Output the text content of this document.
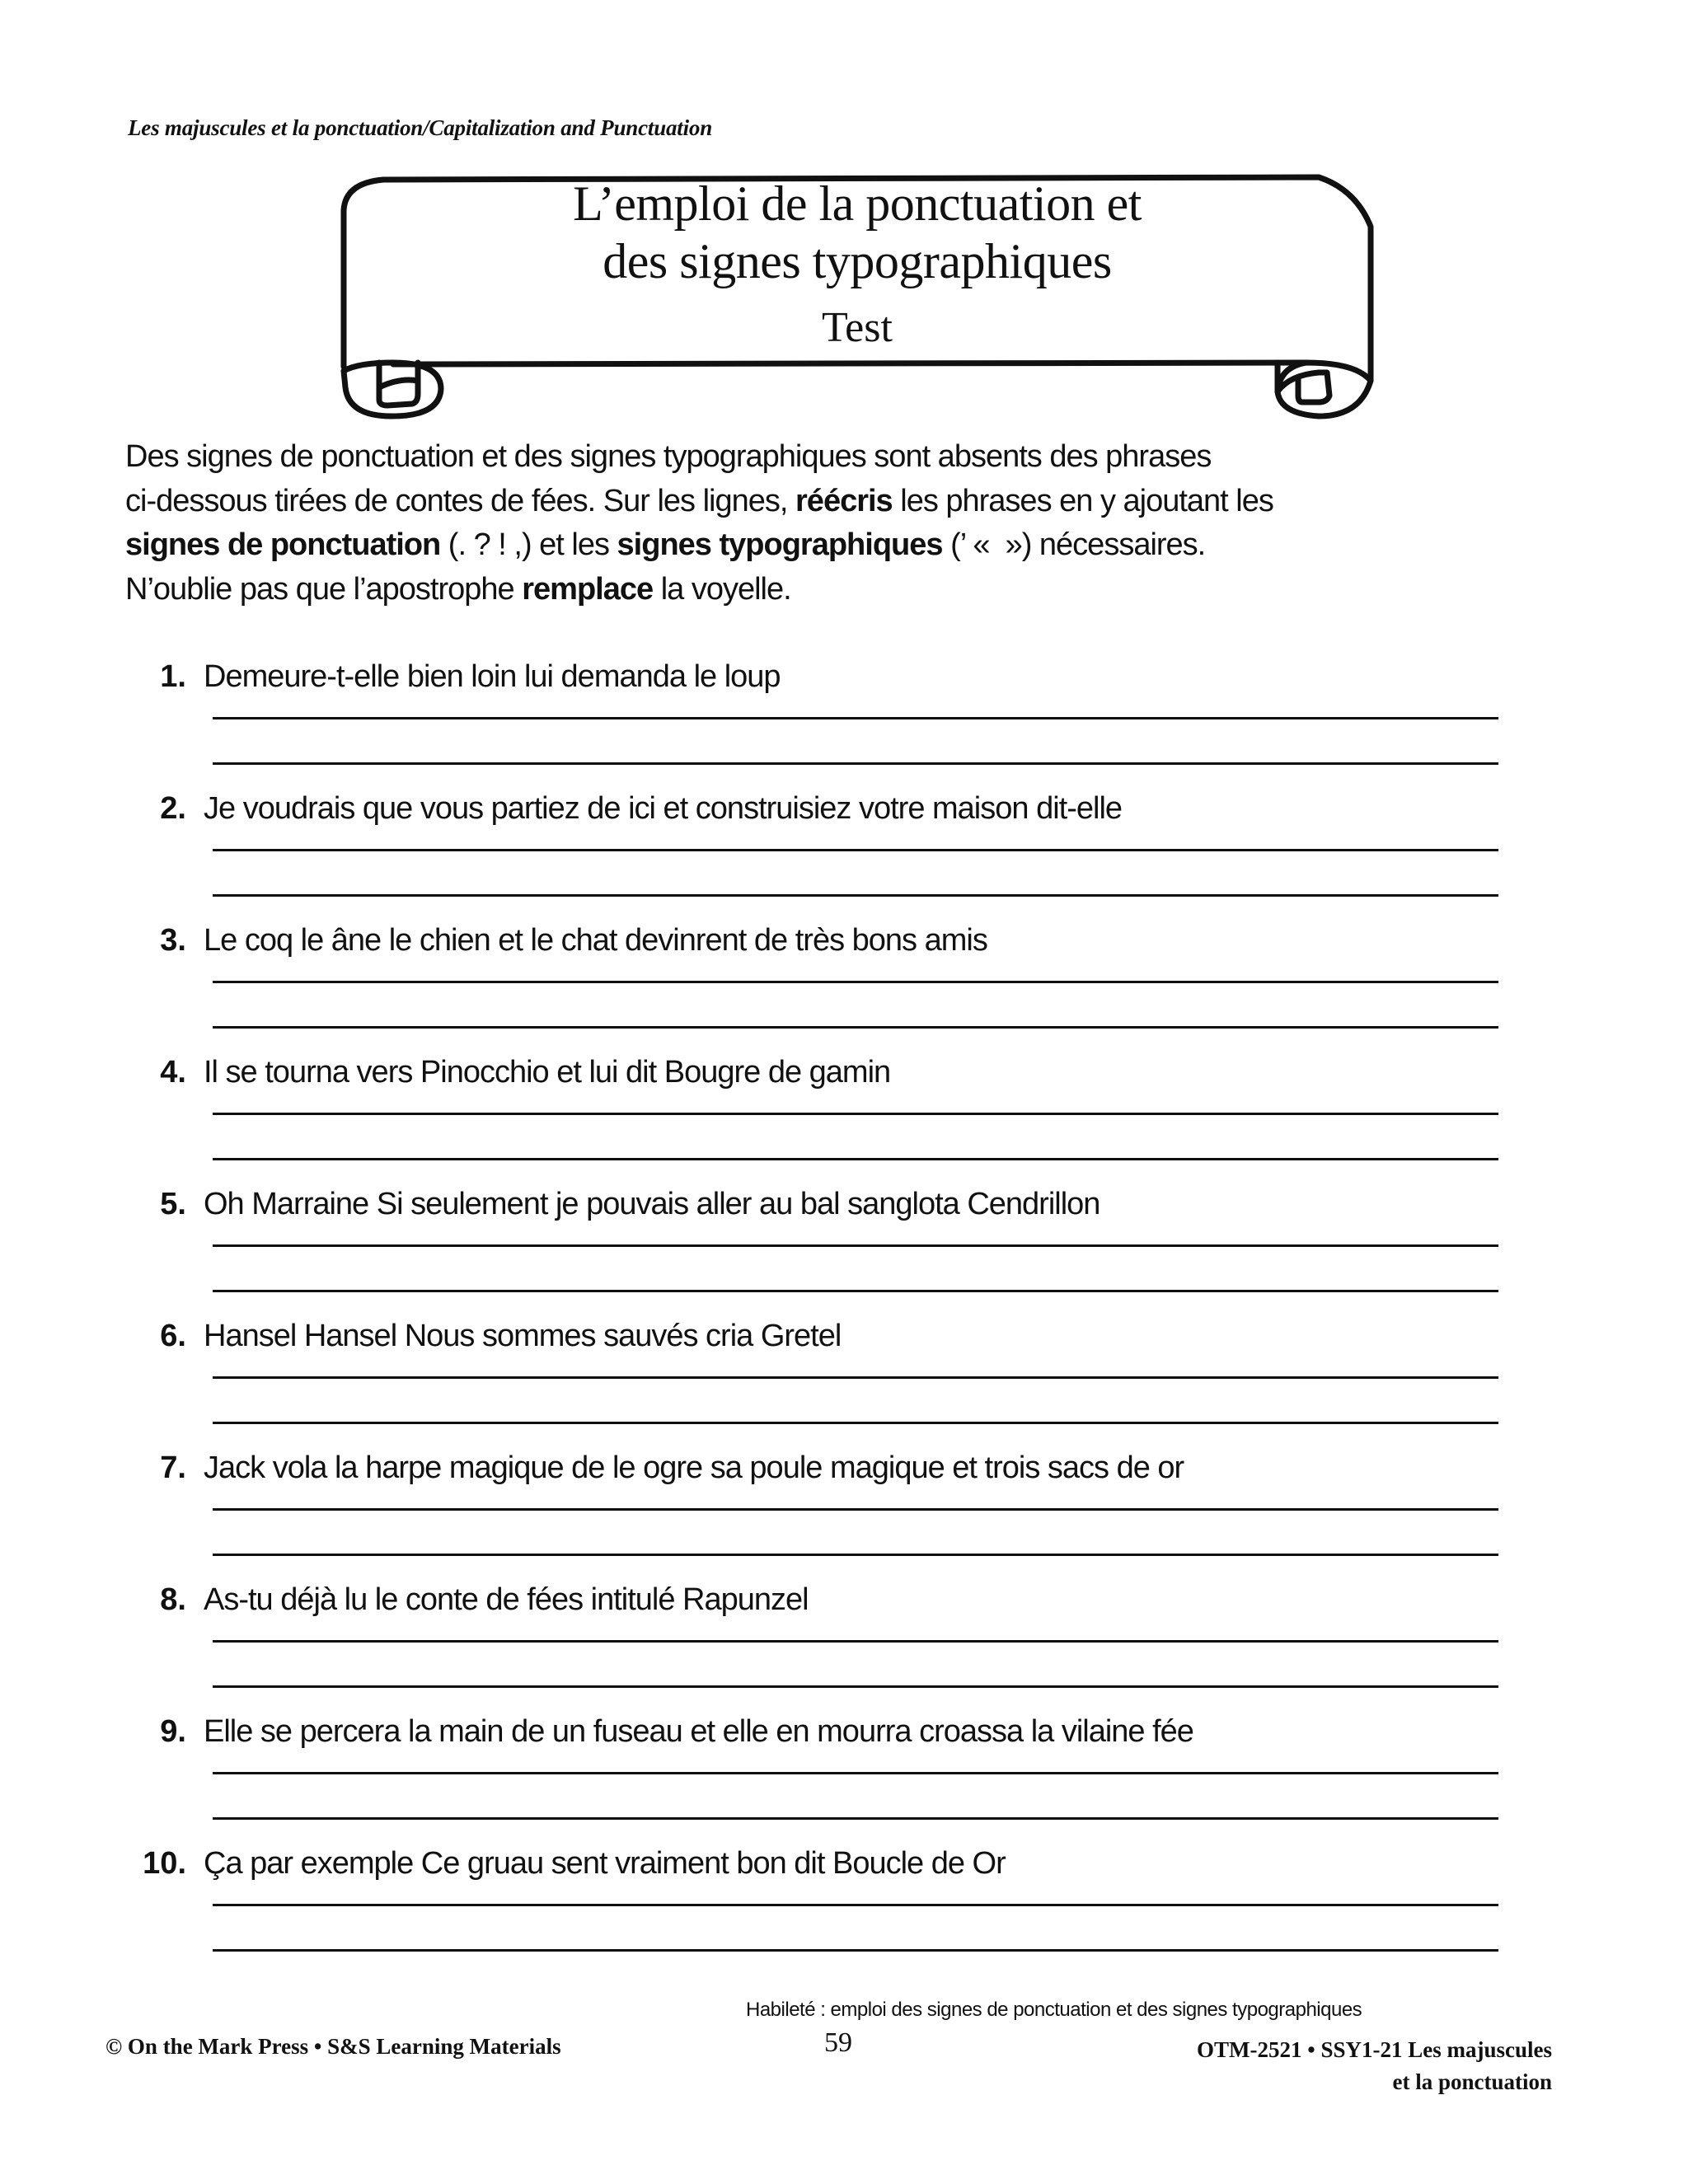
Les majuscules et la ponctuation/Capitalization and Punctuation
L’emploi de la ponctuation et
des signes typographiques
Test
Des signes de ponctuation et des signes typographiques sont absents des phrases
ci-dessous tirées de contes de fées. Sur les lignes, réécris les phrases en y ajoutant les
signes de ponctuation (. ? ! ,) et les signes typographiques (’ «  ») nécessaires.
N’oublie pas que l’apostrophe remplace la voyelle.
1. Demeure-t-elle bien loin lui demanda le loup
2. Je voudrais que vous partiez de ici et construisiez votre maison dit-elle
3. Le coq le âne le chien et le chat devinrent de très bons amis
4. Il se tourna vers Pinocchio et lui dit Bougre de gamin
5. Oh Marraine Si seulement je pouvais aller au bal sanglota Cendrillon
6. Hansel Hansel Nous sommes sauvés cria Gretel
7. Jack vola la harpe magique de le ogre sa poule magique et trois sacs de or
8. As-tu déjà lu le conte de fées intitulé Rapunzel
9. Elle se percera la main de un fuseau et elle en mourra croassa la vilaine fée
10. Ça par exemple Ce gruau sent vraiment bon dit Boucle de Or
Habileté : emploi des signes de ponctuation et des signes typographiques
© On the Mark Press • S&S Learning Materials	59	OTM-2521 • SSY1-21 Les majuscules
et la ponctuation
